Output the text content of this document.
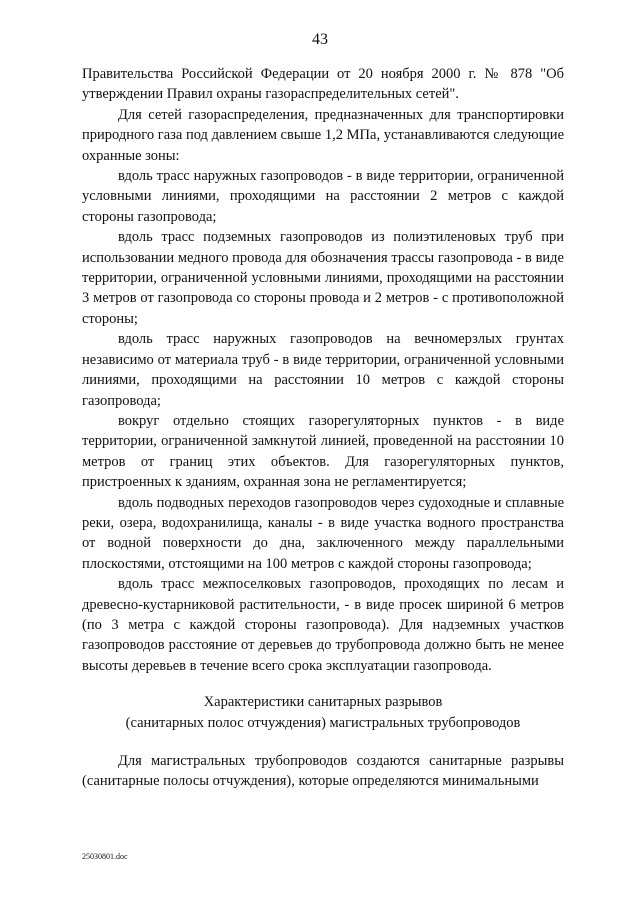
43

Правительства Российской Федерации от 20 ноября 2000 г. № 878 "Об утверждении Правил охраны газораспределительных сетей".

Для сетей газораспределения, предназначенных для транспортировки природного газа под давлением свыше 1,2 МПа, устанавливаются следующие охранные зоны:

вдоль трасс наружных газопроводов - в виде территории, ограниченной условными линиями, проходящими на расстоянии 2 метров с каждой стороны газопровода;

вдоль трасс подземных газопроводов из полиэтиленовых труб при использовании медного провода для обозначения трассы газопровода - в виде территории, ограниченной условными линиями, проходящими на расстоянии 3 метров от газопровода со стороны провода и 2 метров - с противоположной стороны;

вдоль трасс наружных газопроводов на вечномерзлых грунтах независимо от материала труб - в виде территории, ограниченной условными линиями, проходящими на расстоянии 10 метров с каждой стороны газопровода;

вокруг отдельно стоящих газорегуляторных пунктов - в виде территории, ограниченной замкнутой линией, проведенной на расстоянии 10 метров от границ этих объектов. Для газорегуляторных пунктов, пристроенных к зданиям, охранная зона не регламентируется;

вдоль подводных переходов газопроводов через судоходные и сплавные реки, озера, водохранилища, каналы - в виде участка водного пространства от водной поверхности до дна, заключенного между параллельными плоскостями, отстоящими на 100 метров с каждой стороны газопровода;

вдоль трасс межпоселковых газопроводов, проходящих по лесам и древесно-кустарниковой растительности, - в виде просек шириной 6 метров (по 3 метра с каждой стороны газопровода). Для надземных участков газопроводов расстояние от деревьев до трубопровода должно быть не менее высоты деревьев в течение всего срока эксплуатации газопровода.

Характеристики санитарных разрывов

(санитарных полос отчуждения) магистральных трубопроводов

Для магистральных трубопроводов создаются санитарные разрывы (санитарные полосы отчуждения), которые определяются минимальными

25030801.doc
